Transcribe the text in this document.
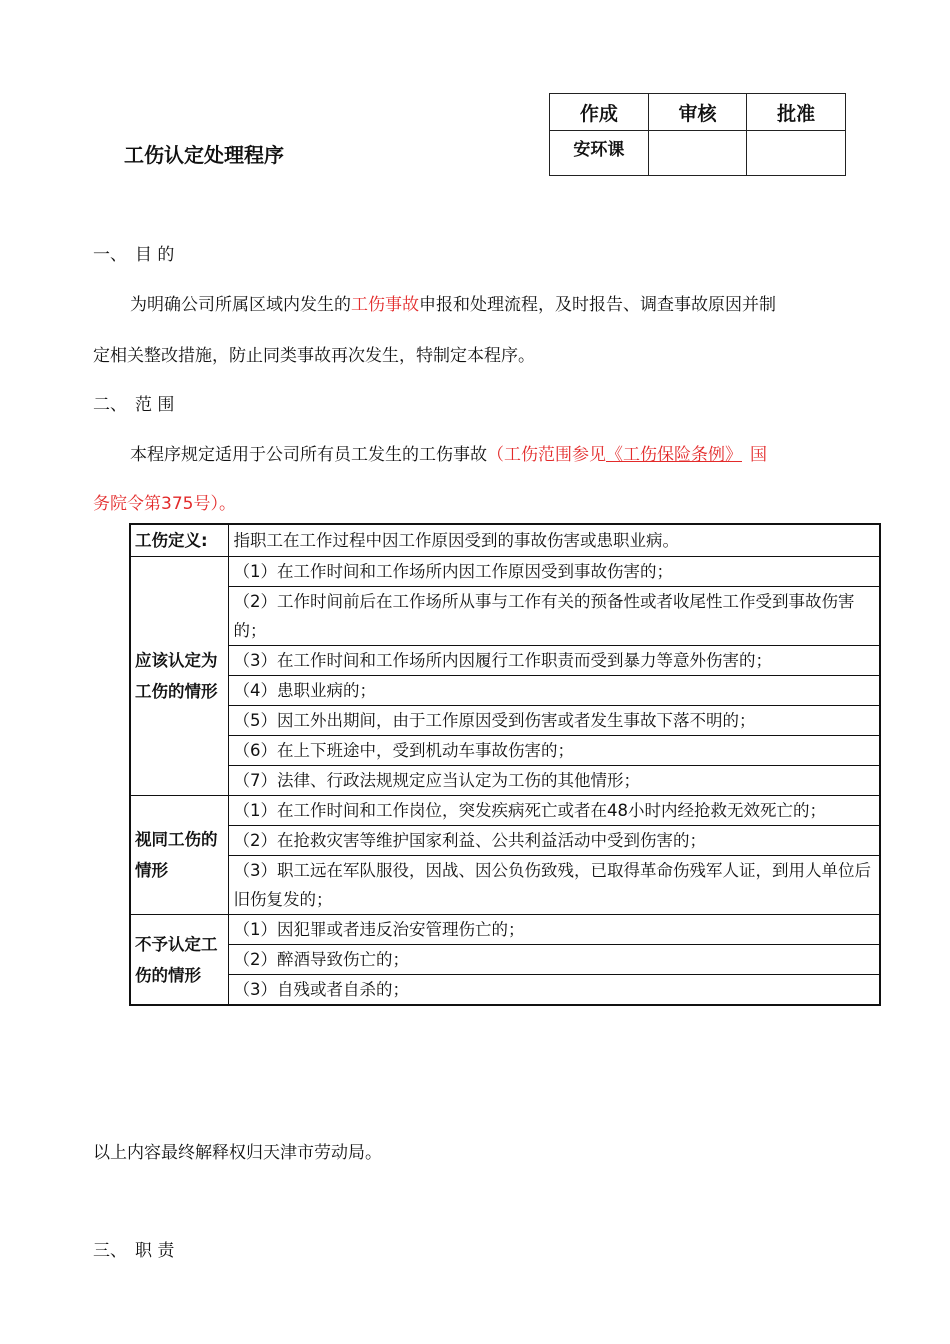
作成	审核	批准
安环课		
工伤认定处理程序
一、 目 的
为明确公司所属区域内发生的工伤事故申报和处理流程，及时报告、调查事故原因并制
定相关整改措施，防止同类事故再次发生，特制定本程序。
二、 范 围
本程序规定适用于公司所有员工发生的工伤事故（工伤范围参见《工伤保险条例》 国
务院令第375号）。
工伤定义:	指职工在工作过程中因工作原因受到的事故伤害或患职业病。
应该认定为工伤的情形	（1）在工作时间和工作场所内因工作原因受到事故伤害的；
	（2）工作时间前后在工作场所从事与工作有关的预备性或者收尾性工作受到事故伤害的；
	（3）在工作时间和工作场所内因履行工作职责而受到暴力等意外伤害的；
	（4）患职业病的；
	（5）因工外出期间，由于工作原因受到伤害或者发生事故下落不明的；
	（6）在上下班途中，受到机动车事故伤害的；
	（7）法律、行政法规规定应当认定为工伤的其他情形；
视同工伤的情形	（1）在工作时间和工作岗位，突发疾病死亡或者在48小时内经抢救无效死亡的；
	（2）在抢救灾害等维护国家利益、公共利益活动中受到伤害的；
	（3）职工远在军队服役，因战、因公负伤致残，已取得革命伤残军人证，到用人单位后旧伤复发的；
不予认定工伤的情形	（1）因犯罪或者违反治安管理伤亡的；
	（2）醉酒导致伤亡的；
	（3）自残或者自杀的；
以上内容最终解释权归天津市劳动局。
三、 职 责
